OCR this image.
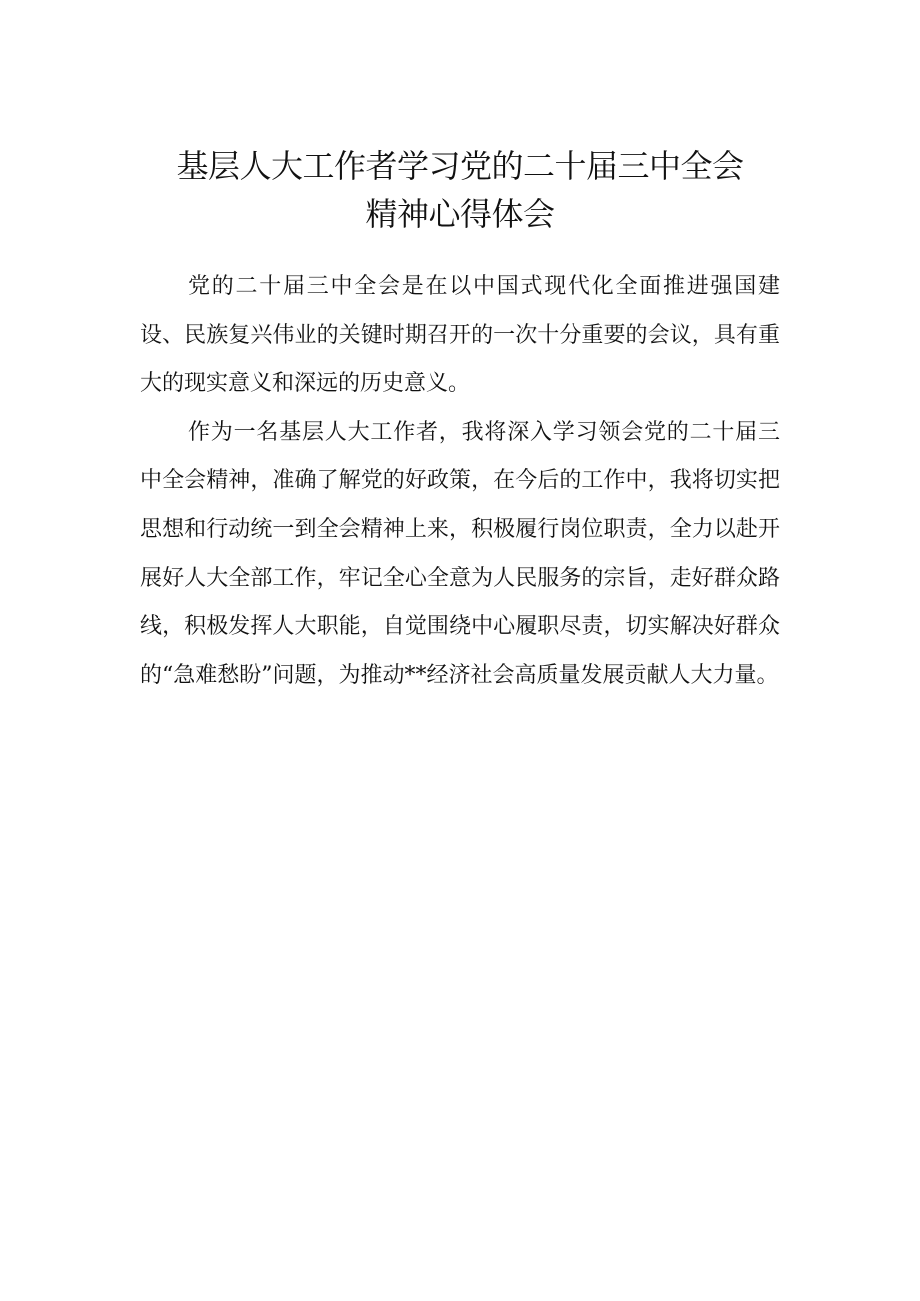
基层人大工作者学习党的二十届三中全会
精神心得体会

党的二十届三中全会是在以中国式现代化全面推进强国建设、民族复兴伟业的关键时期召开的一次十分重要的会议，具有重大的现实意义和深远的历史意义。

作为一名基层人大工作者，我将深入学习领会党的二十届三中全会精神，准确了解党的好政策，在今后的工作中，我将切实把思想和行动统一到全会精神上来，积极履行岗位职责，全力以赴开展好人大全部工作，牢记全心全意为人民服务的宗旨，走好群众路线，积极发挥人大职能，自觉围绕中心履职尽责，切实解决好群众的“急难愁盼”问题，为推动**经济社会高质量发展贡献人大力量。
